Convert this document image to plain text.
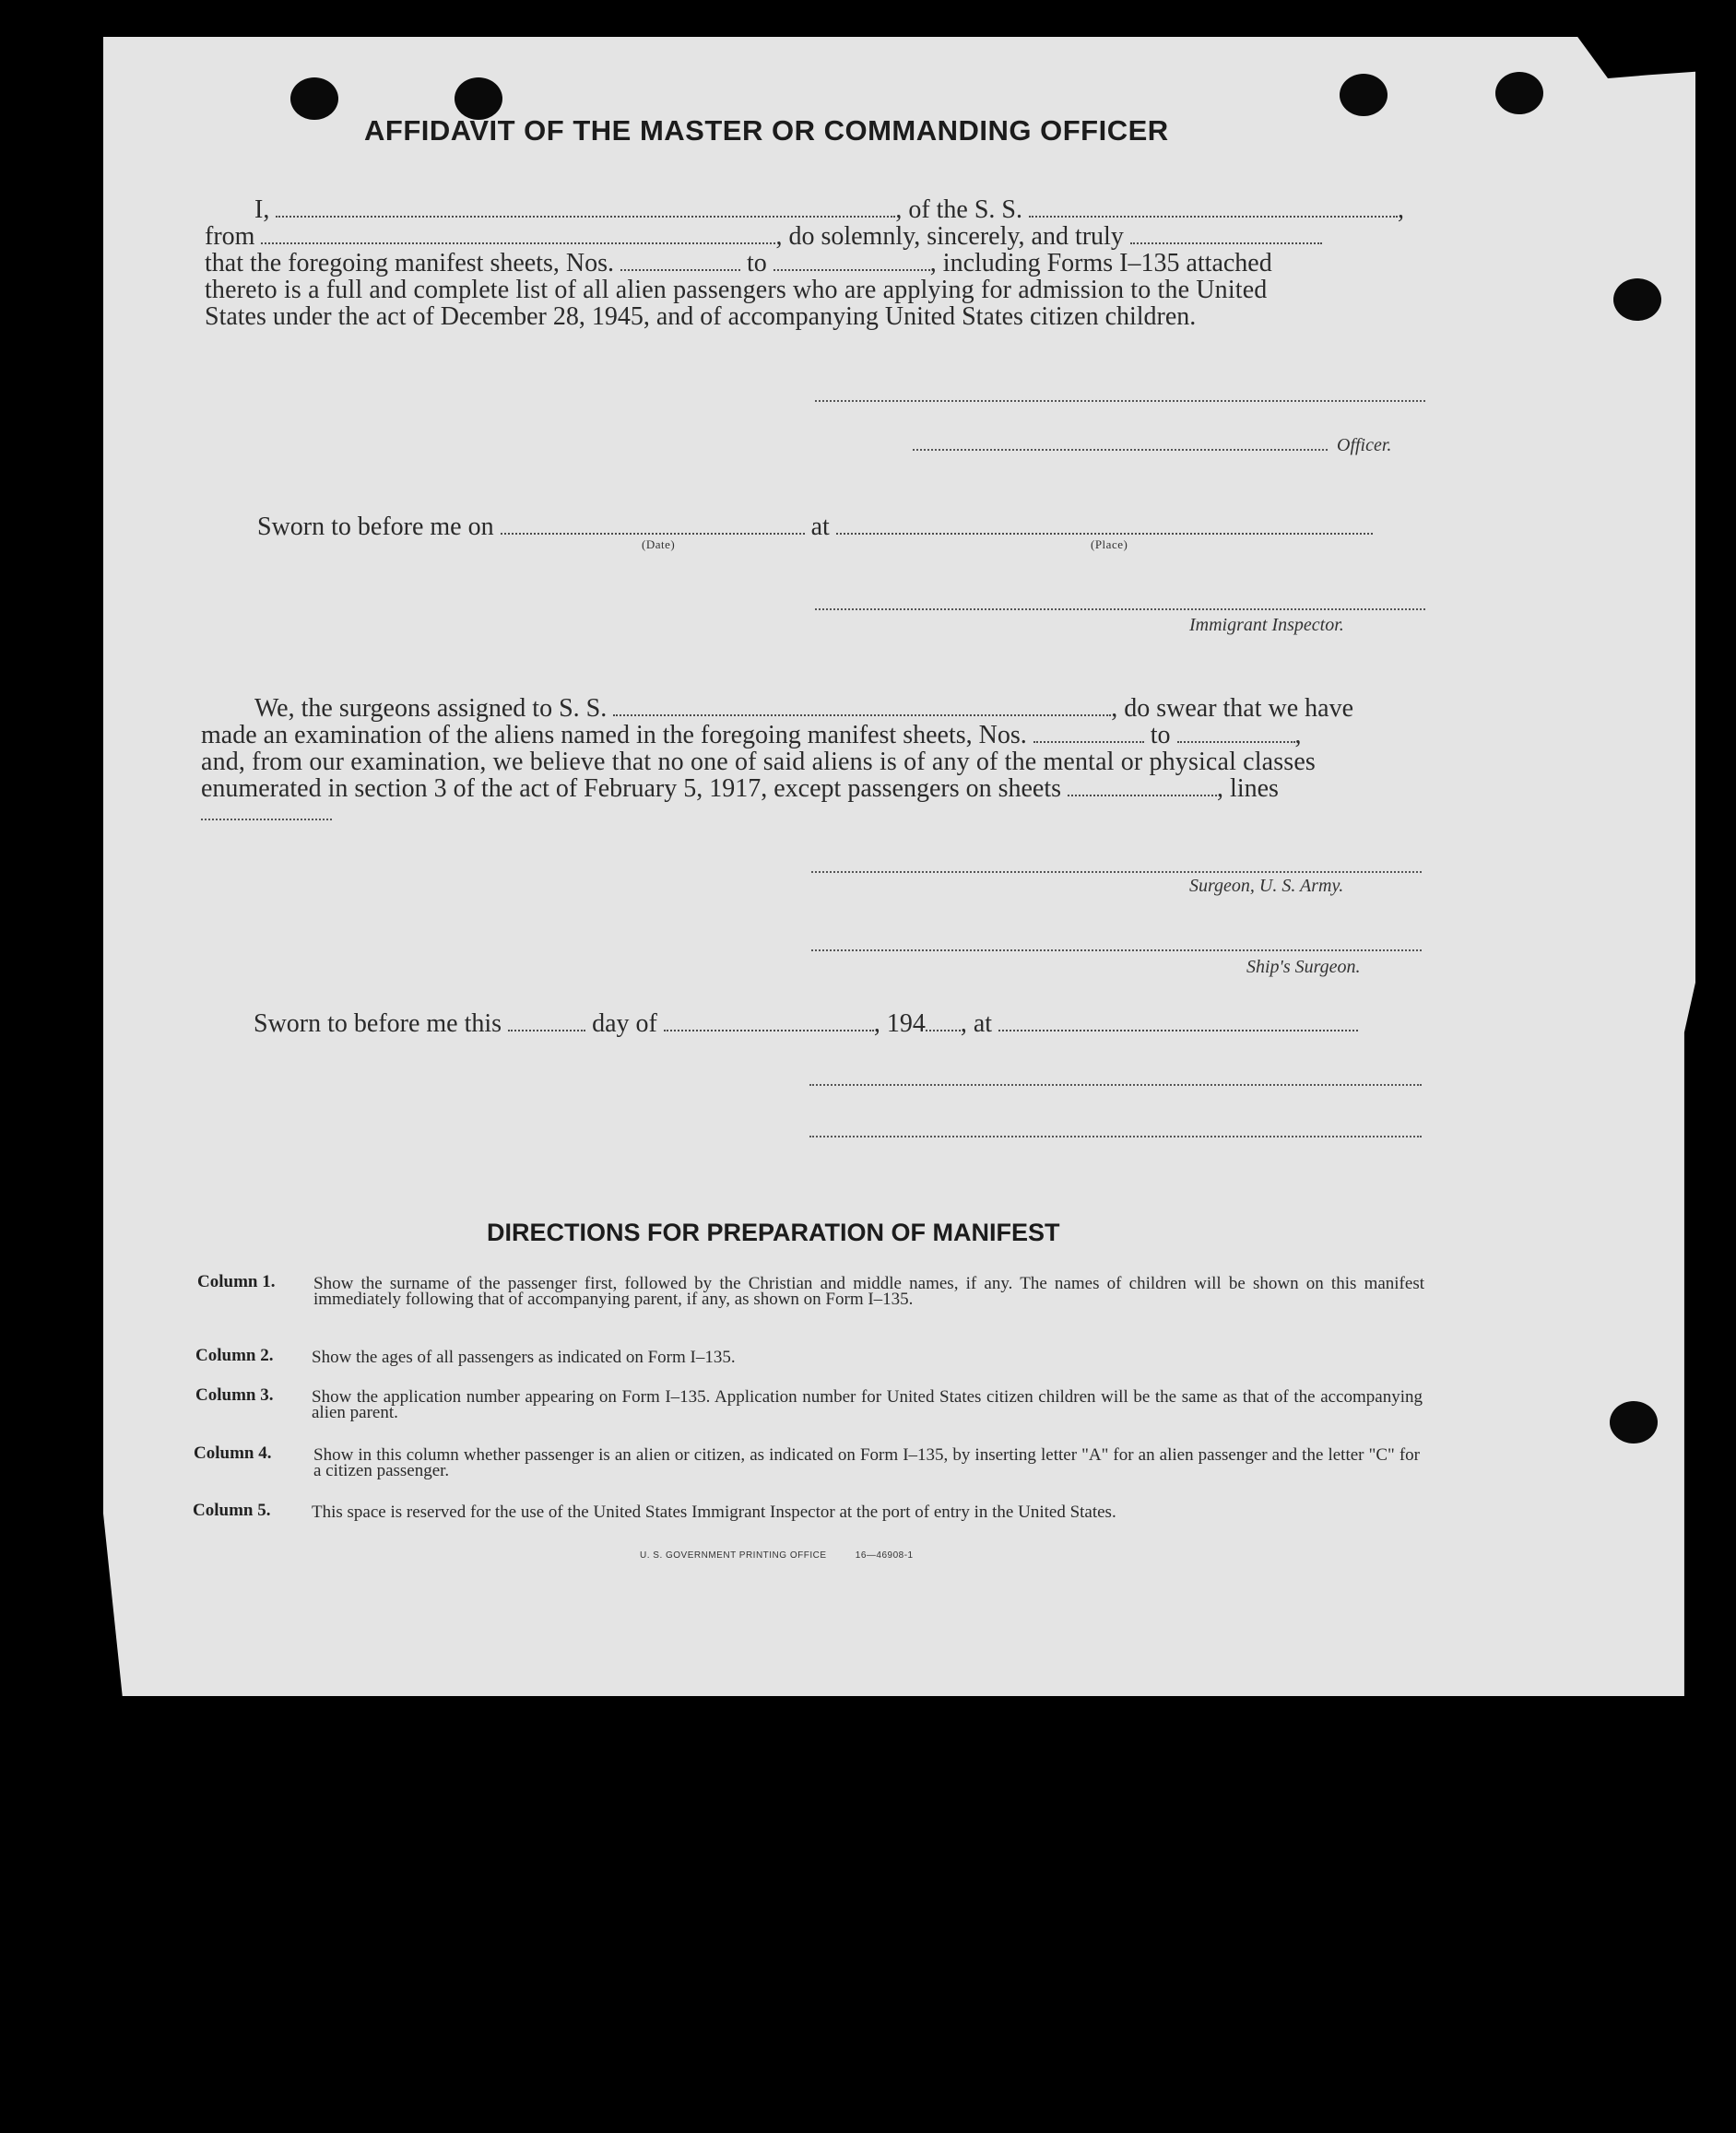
AFFIDAVIT OF THE MASTER OR COMMANDING OFFICER
I,	, of the S. S.	,
from	, do solemnly, sincerely, and truly
that the foregoing manifest sheets, Nos.	to	, including Forms I–135 attached
Officer.
Sworn to before me on	at
(Date)	(Place)
Immigrant Inspector.
We, the surgeons assigned to S. S.	, do swear that we have
made an examination of the aliens named in the foregoing manifest sheets, Nos.	to	,
enumerated in section 3 of the act of February 5, 1917, except passengers on sheets	, lines
Surgeon, U. S. Army.
Ship's Surgeon.
Sworn to before me this	day of	, 194 , at
DIRECTIONS FOR PREPARATION OF MANIFEST
Column 1. Show the surname of the passenger first, followed by the Christian and middle names, if any. The names of children will be shown on this manifest immediately following that of accompanying parent, if any, as shown on Form I–135.
Column 2. Show the ages of all passengers as indicated on Form I–135.
Column 3. Show the application number appearing on Form I–135. Application number for United States citizen children will be the same as that of the accompanying alien parent.
Column 4. Show in this column whether passenger is an alien or citizen, as indicated on Form I–135, by inserting letter "A" for an alien passenger and the letter "C" for a citizen passenger.
Column 5. This space is reserved for the use of the United States Immigrant Inspector at the port of entry in the United States.
U. S. GOVERNMENT PRINTING OFFICE	16—46908-1
